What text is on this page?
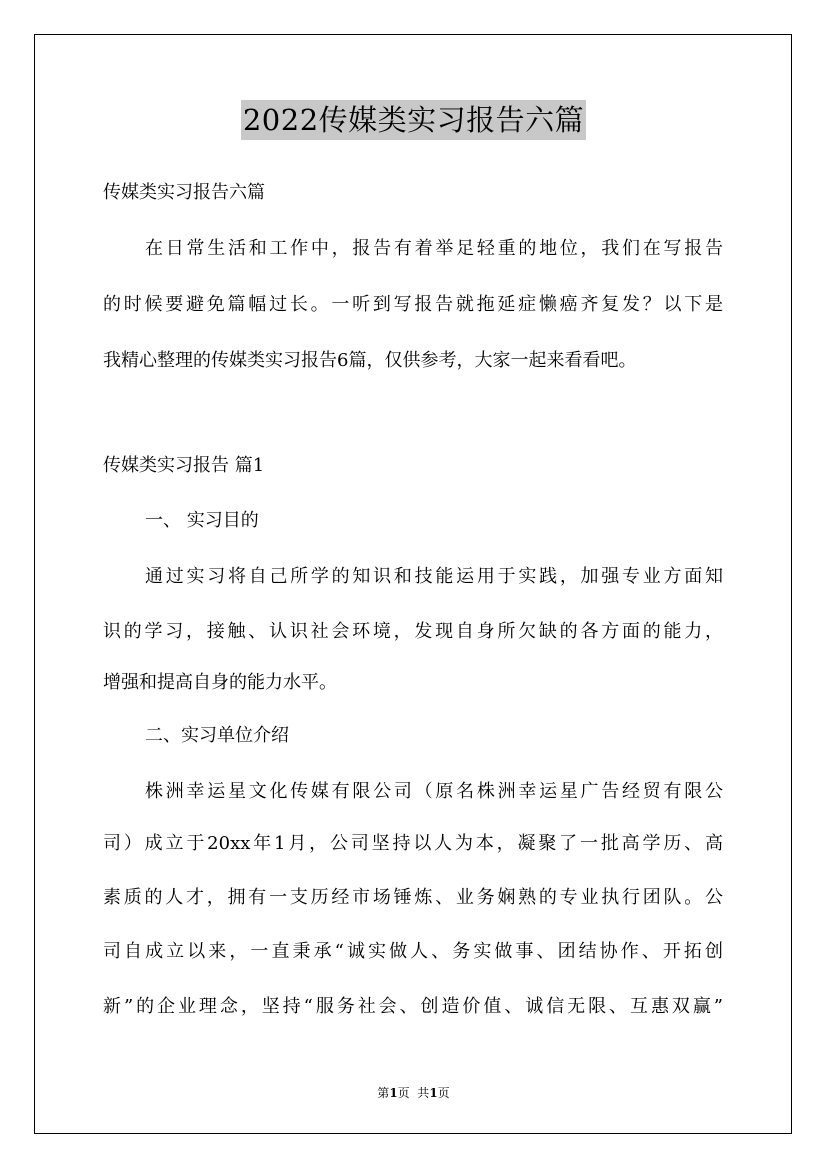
2022传媒类实习报告六篇
传媒类实习报告六篇
在日常生活和工作中，报告有着举足轻重的地位，我们在写报告
的时候要避免篇幅过长。一听到写报告就拖延症懒癌齐复发？以下是
我精心整理的传媒类实习报告6篇，仅供参考，大家一起来看看吧。
传媒类实习报告 篇1
一、 实习目的
通过实习将自己所学的知识和技能运用于实践，加强专业方面知
识的学习，接触、认识社会环境，发现自身所欠缺的各方面的能力，
增强和提高自身的能力水平。
二、实习单位介绍
株洲幸运星文化传媒有限公司（原名株洲幸运星广告经贸有限公
司）成立于20xx年1月，公司坚持以人为本，凝聚了一批高学历、高
素质的人才，拥有一支历经市场锤炼、业务娴熟的专业执行团队。公
司自成立以来，一直秉承“诚实做人、务实做事、团结协作、开拓创
新”的企业理念，坚持“服务社会、创造价值、诚信无限、互惠双赢”
第1页  共1页
